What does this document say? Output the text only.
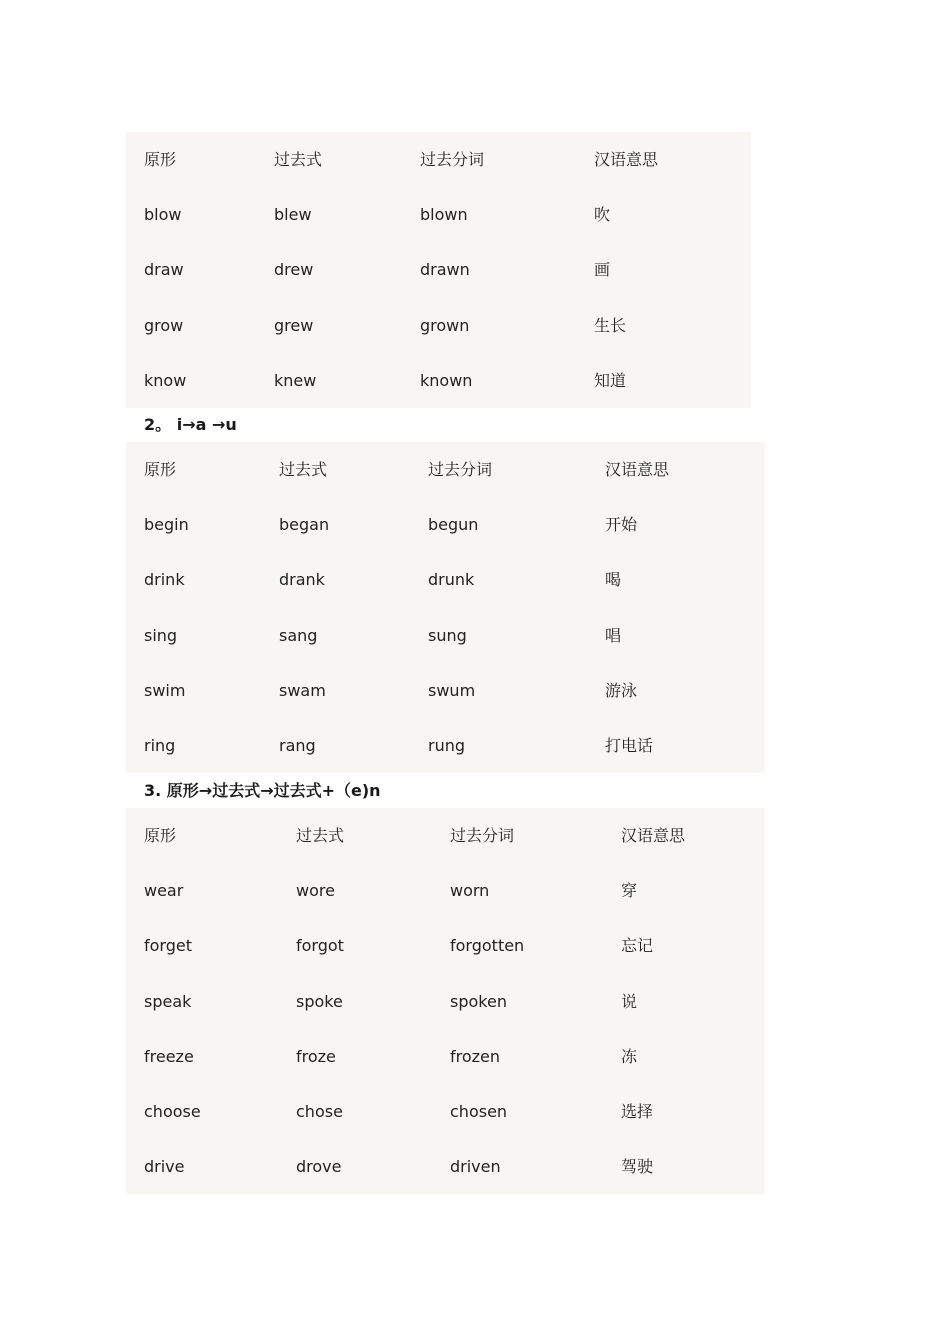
原形	过去式	过去分词	汉语意思
blow	blew	blown	吹
draw	drew	drawn	画
grow	grew	grown	生长
know	knew	known	知道
2。 i→a →u
原形	过去式	过去分词	汉语意思
begin	began	begun	开始
drink	drank	drunk	喝
sing	sang	sung	唱
swim	swam	swum	游泳
ring	rang	rung	打电话
3. 原形→过去式→过去式+（e)n
原形	过去式	过去分词	汉语意思
wear	wore	worn	穿
forget	forgot	forgotten	忘记
speak	spoke	spoken	说
freeze	froze	frozen	冻
choose	chose	chosen	选择
drive	drove	driven	驾驶
